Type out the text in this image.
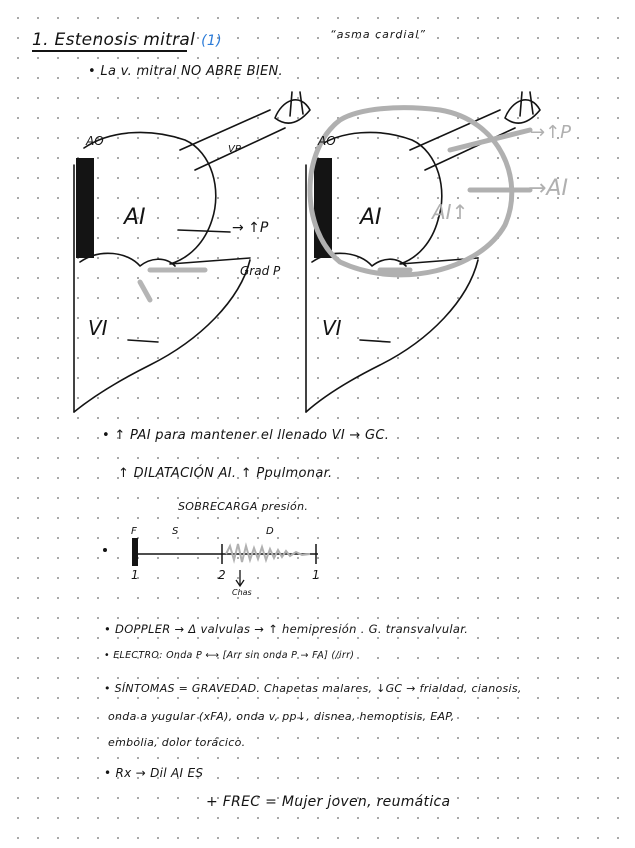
1. Estenosis mitral (1)	“asma cardial”
• La v. mitral NO ABRE BIEN.
AO
VP
AI	→ ↑P
Grad P
VI
AO
AI
VI
AI↑
→↑P
→AI
• ↑ PAI para mantener el llenado VI → GC.
↑ DILATACIÓN AI. ↑ Ppulmonar.
SOBRECARGA presión.
F	S	D
1	2	1
Chas
• DOPPLER → Δ valvulas → ↑ hemipresión . G. transvalvular.
• ELECTRO: Onda P ⟷ [Arr sin onda P → FA] (/irr)
• SÍNTOMAS = GRAVEDAD. Chapetas malares, ↓GC → frialdad, cianosis,
onda a yugular (xFA), onda v, pp↓, disnea, hemoptisis, EAP,
embolia, dolor torácico.
• Rx → Dil AI ES
+ FREC = Mujer joven, reumática
